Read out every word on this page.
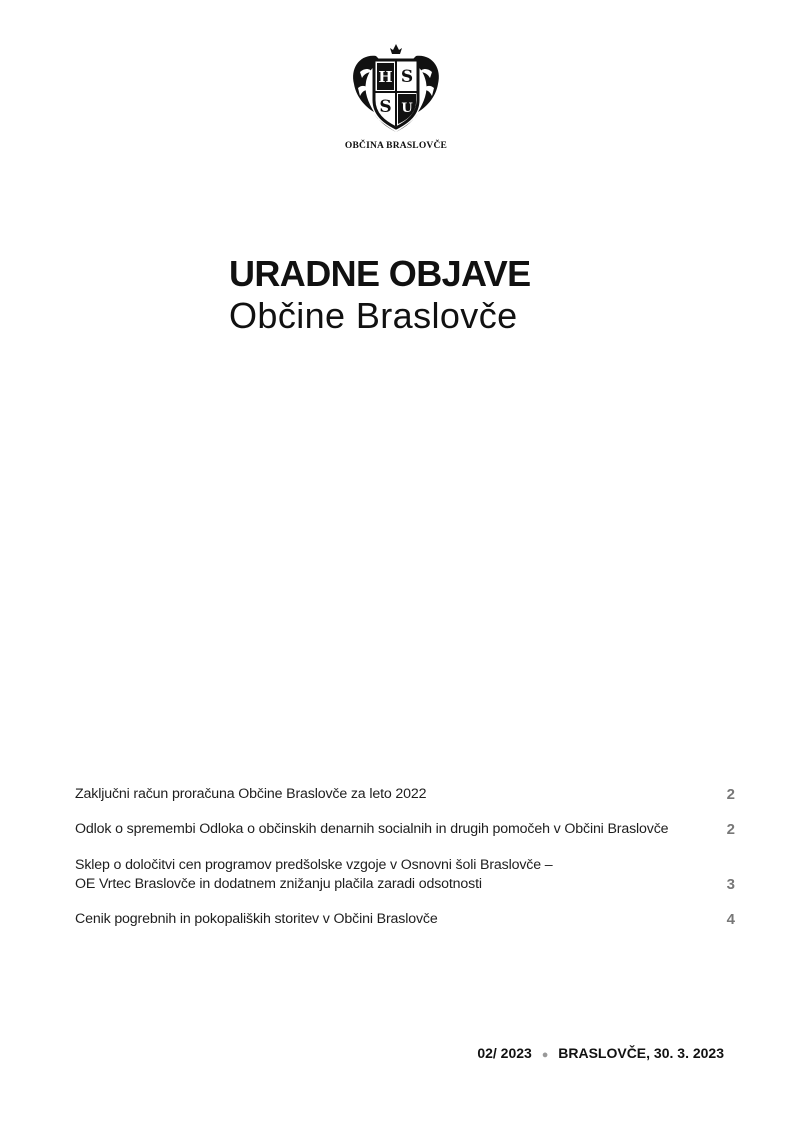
H S
S U
OBČINA BRASLOVČE
URADNE OBJAVE
Občine Braslovče
Zaključni račun proračuna Občine Braslovče za leto 2022	2
Odlok o spremembi Odloka o občinskih denarnih socialnih in drugih pomočeh v Občini Braslovče	2
Sklep o določitvi cen programov predšolske vzgoje v Osnovni šoli Braslovče –
OE Vrtec Braslovče in dodatnem znižanju plačila zaradi odsotnosti	3
Cenik pogrebnih in pokopaliških storitev v Občini Braslovče	4
02/ 2023 ● BRASLOVČE, 30. 3. 2023
